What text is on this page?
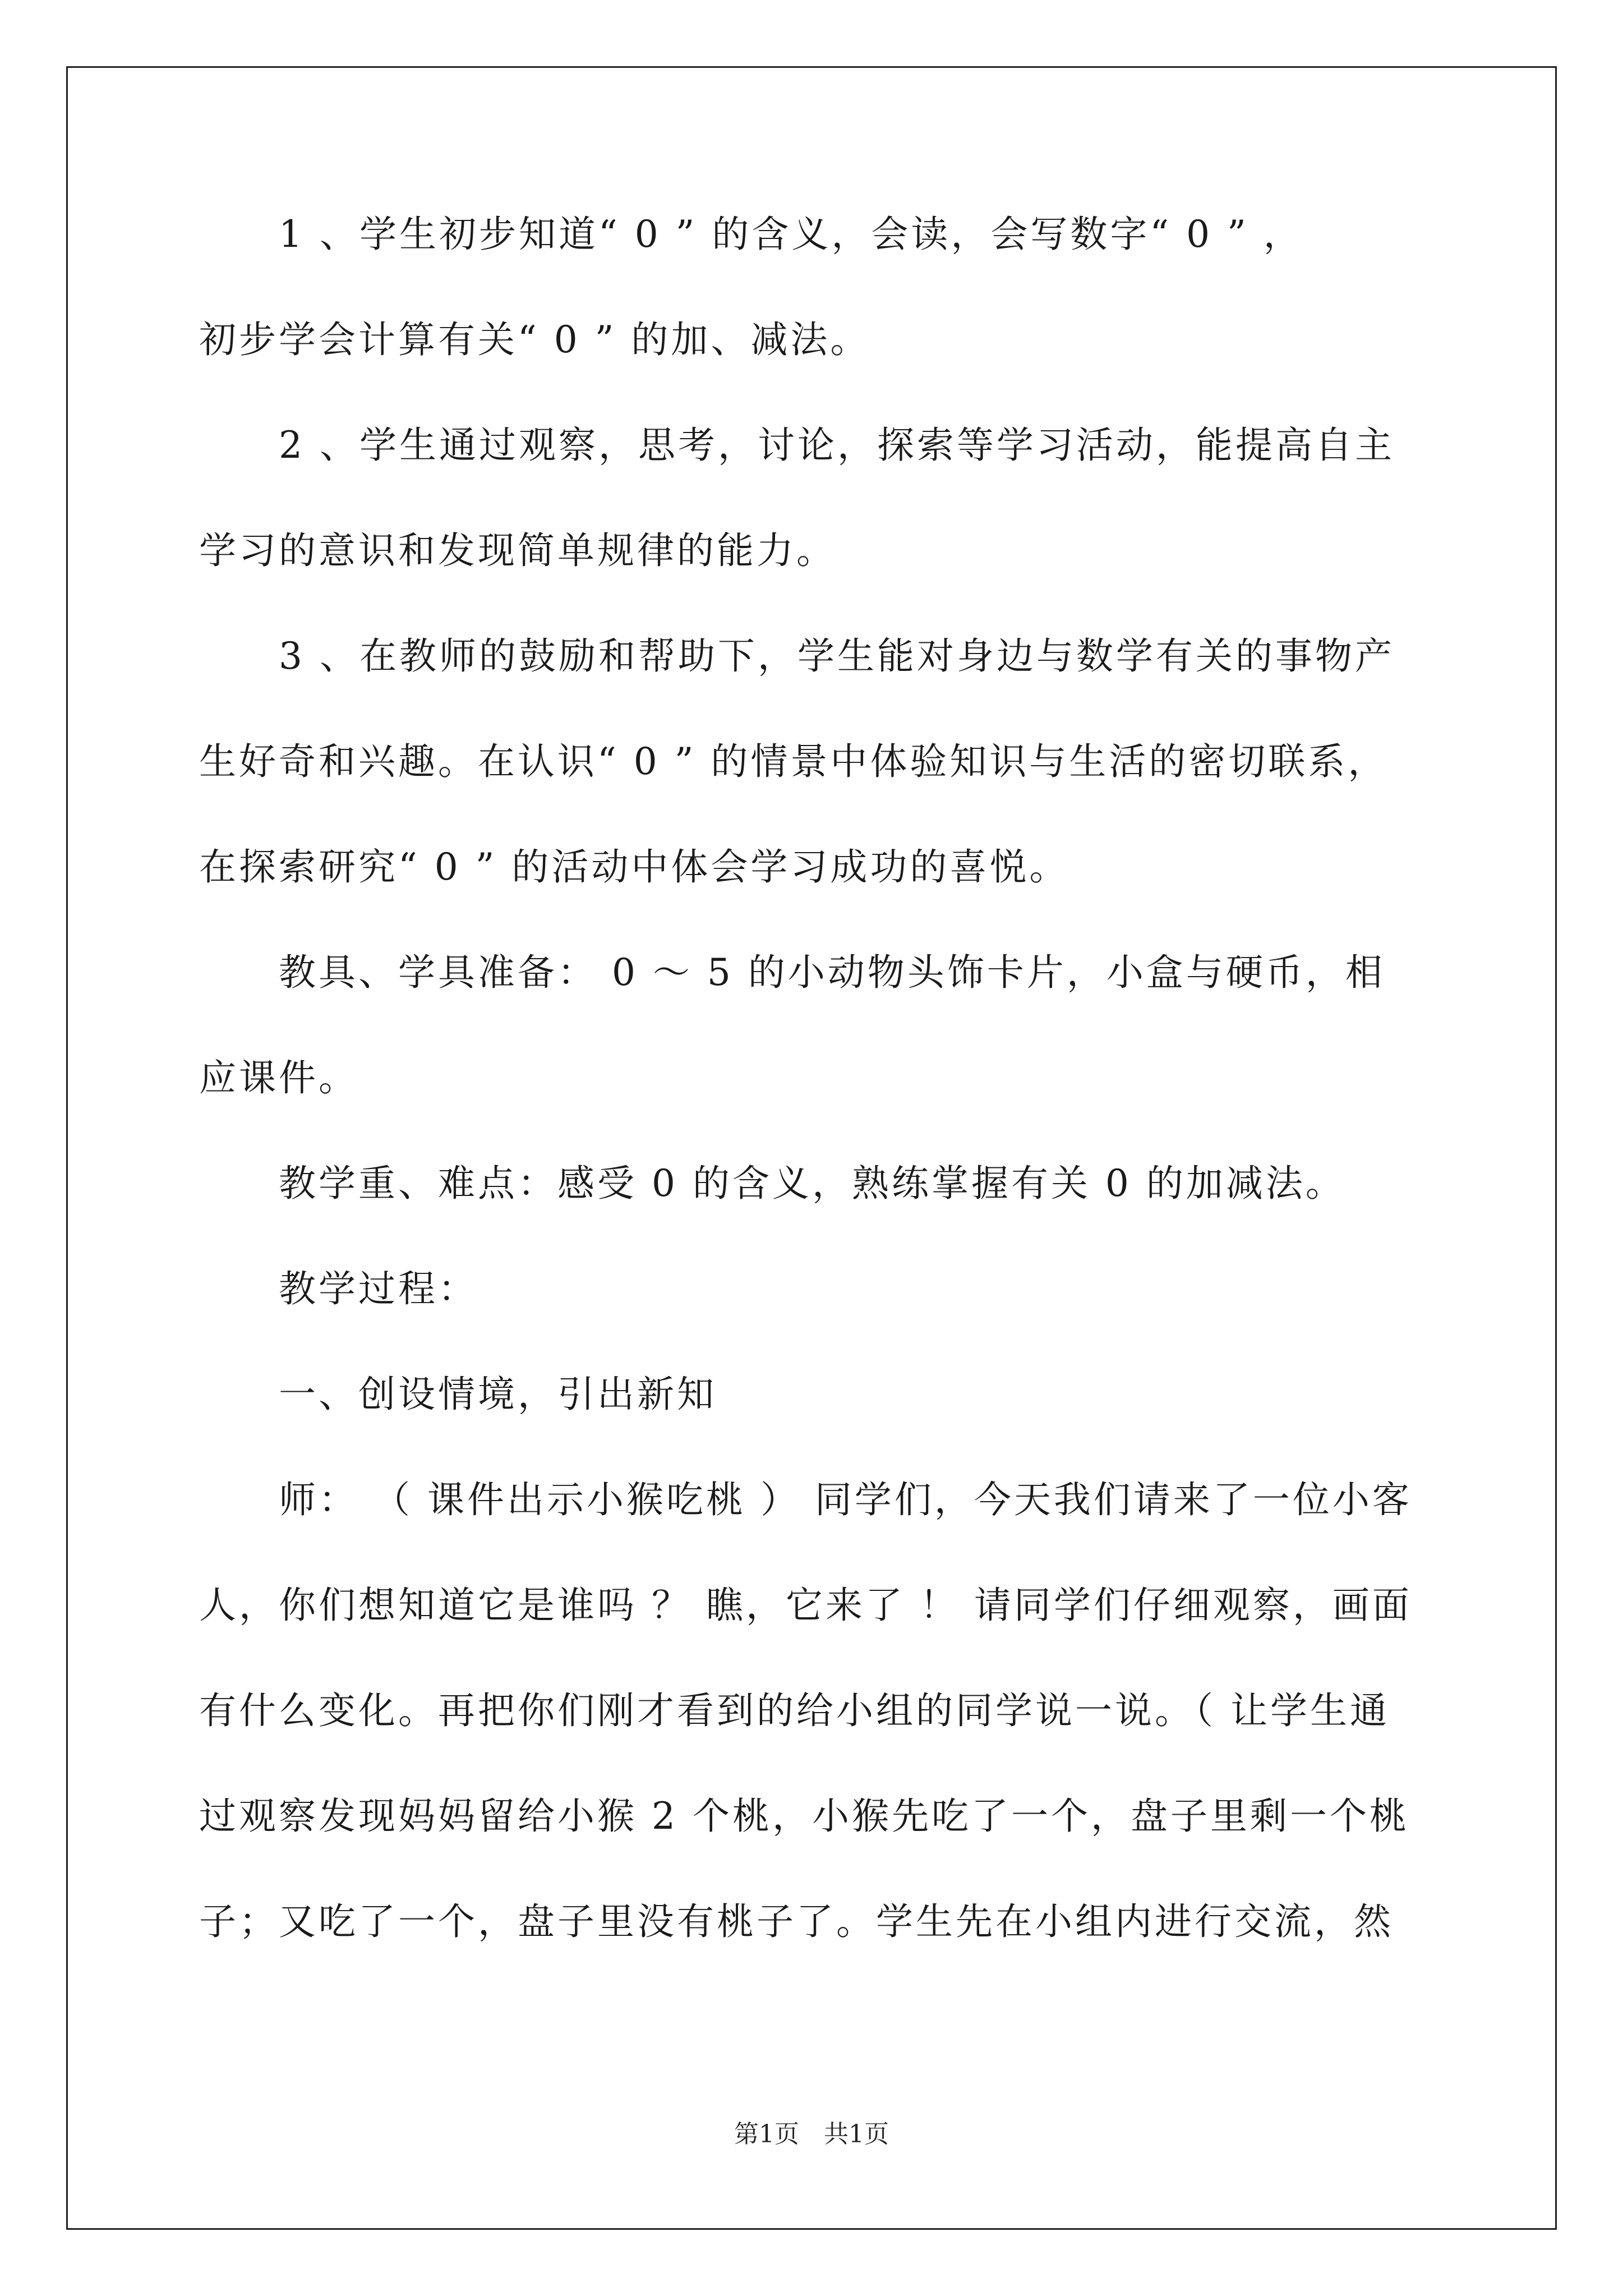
1 、学生初步知道“ 0 ” 的含义，会读，会写数字“ 0 ” ，
初步学会计算有关“ 0 ” 的加、减法。
2 、学生通过观察，思考，讨论，探索等学习活动，能提高自主
学习的意识和发现简单规律的能力。
3 、在教师的鼓励和帮助下，学生能对身边与数学有关的事物产
生好奇和兴趣。在认识“ 0 ” 的情景中体验知识与生活的密切联系，
在探索研究“ 0 ” 的活动中体会学习成功的喜悦。
教具、学具准备： 0 ～ 5 的小动物头饰卡片，小盒与硬币，相
应课件。
教学重、难点：感受 0 的含义，熟练掌握有关 0 的加减法。
教学过程：
一、创设情境，引出新知
师： （ 课件出示小猴吃桃 ） 同学们，今天我们请来了一位小客
人，你们想知道它是谁吗 ？ 瞧，它来了 ！ 请同学们仔细观察，画面
有什么变化。再把你们刚才看到的给小组的同学说一说。（ 让学生通
过观察发现妈妈留给小猴 2 个桃，小猴先吃了一个，盘子里剩一个桃
子；又吃了一个，盘子里没有桃子了。学生先在小组内进行交流，然
第1页　共1页
